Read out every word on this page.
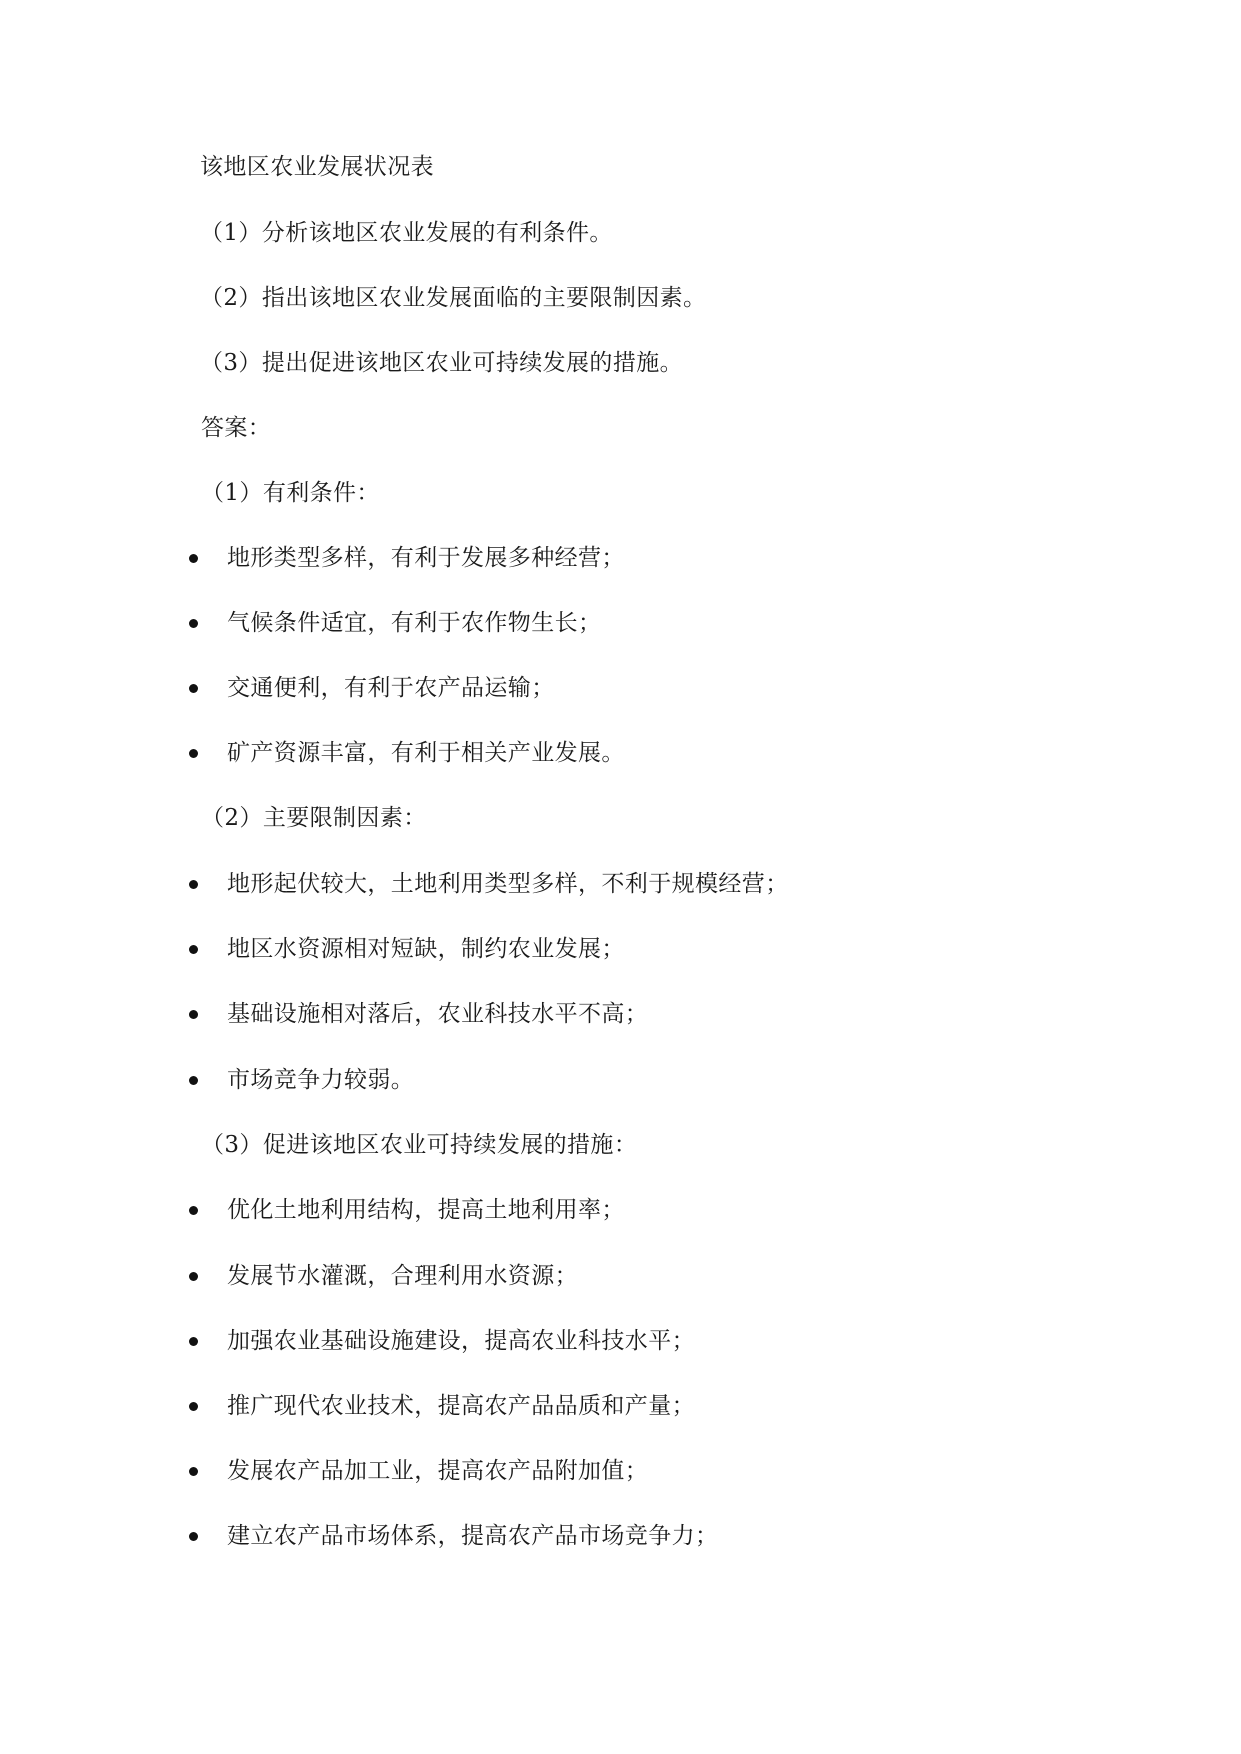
该地区农业发展状况表
（1）分析该地区农业发展的有利条件。
（2）指出该地区农业发展面临的主要限制因素。
（3）提出促进该地区农业可持续发展的措施。
答案：
（1）有利条件：
地形类型多样，有利于发展多种经营；
气候条件适宜，有利于农作物生长；
交通便利，有利于农产品运输；
矿产资源丰富，有利于相关产业发展。
（2）主要限制因素：
地形起伏较大，土地利用类型多样，不利于规模经营；
地区水资源相对短缺，制约农业发展；
基础设施相对落后，农业科技水平不高；
市场竞争力较弱。
（3）促进该地区农业可持续发展的措施：
优化土地利用结构，提高土地利用率；
发展节水灌溉，合理利用水资源；
加强农业基础设施建设，提高农业科技水平；
推广现代农业技术，提高农产品品质和产量；
发展农产品加工业，提高农产品附加值；
建立农产品市场体系，提高农产品市场竞争力；
